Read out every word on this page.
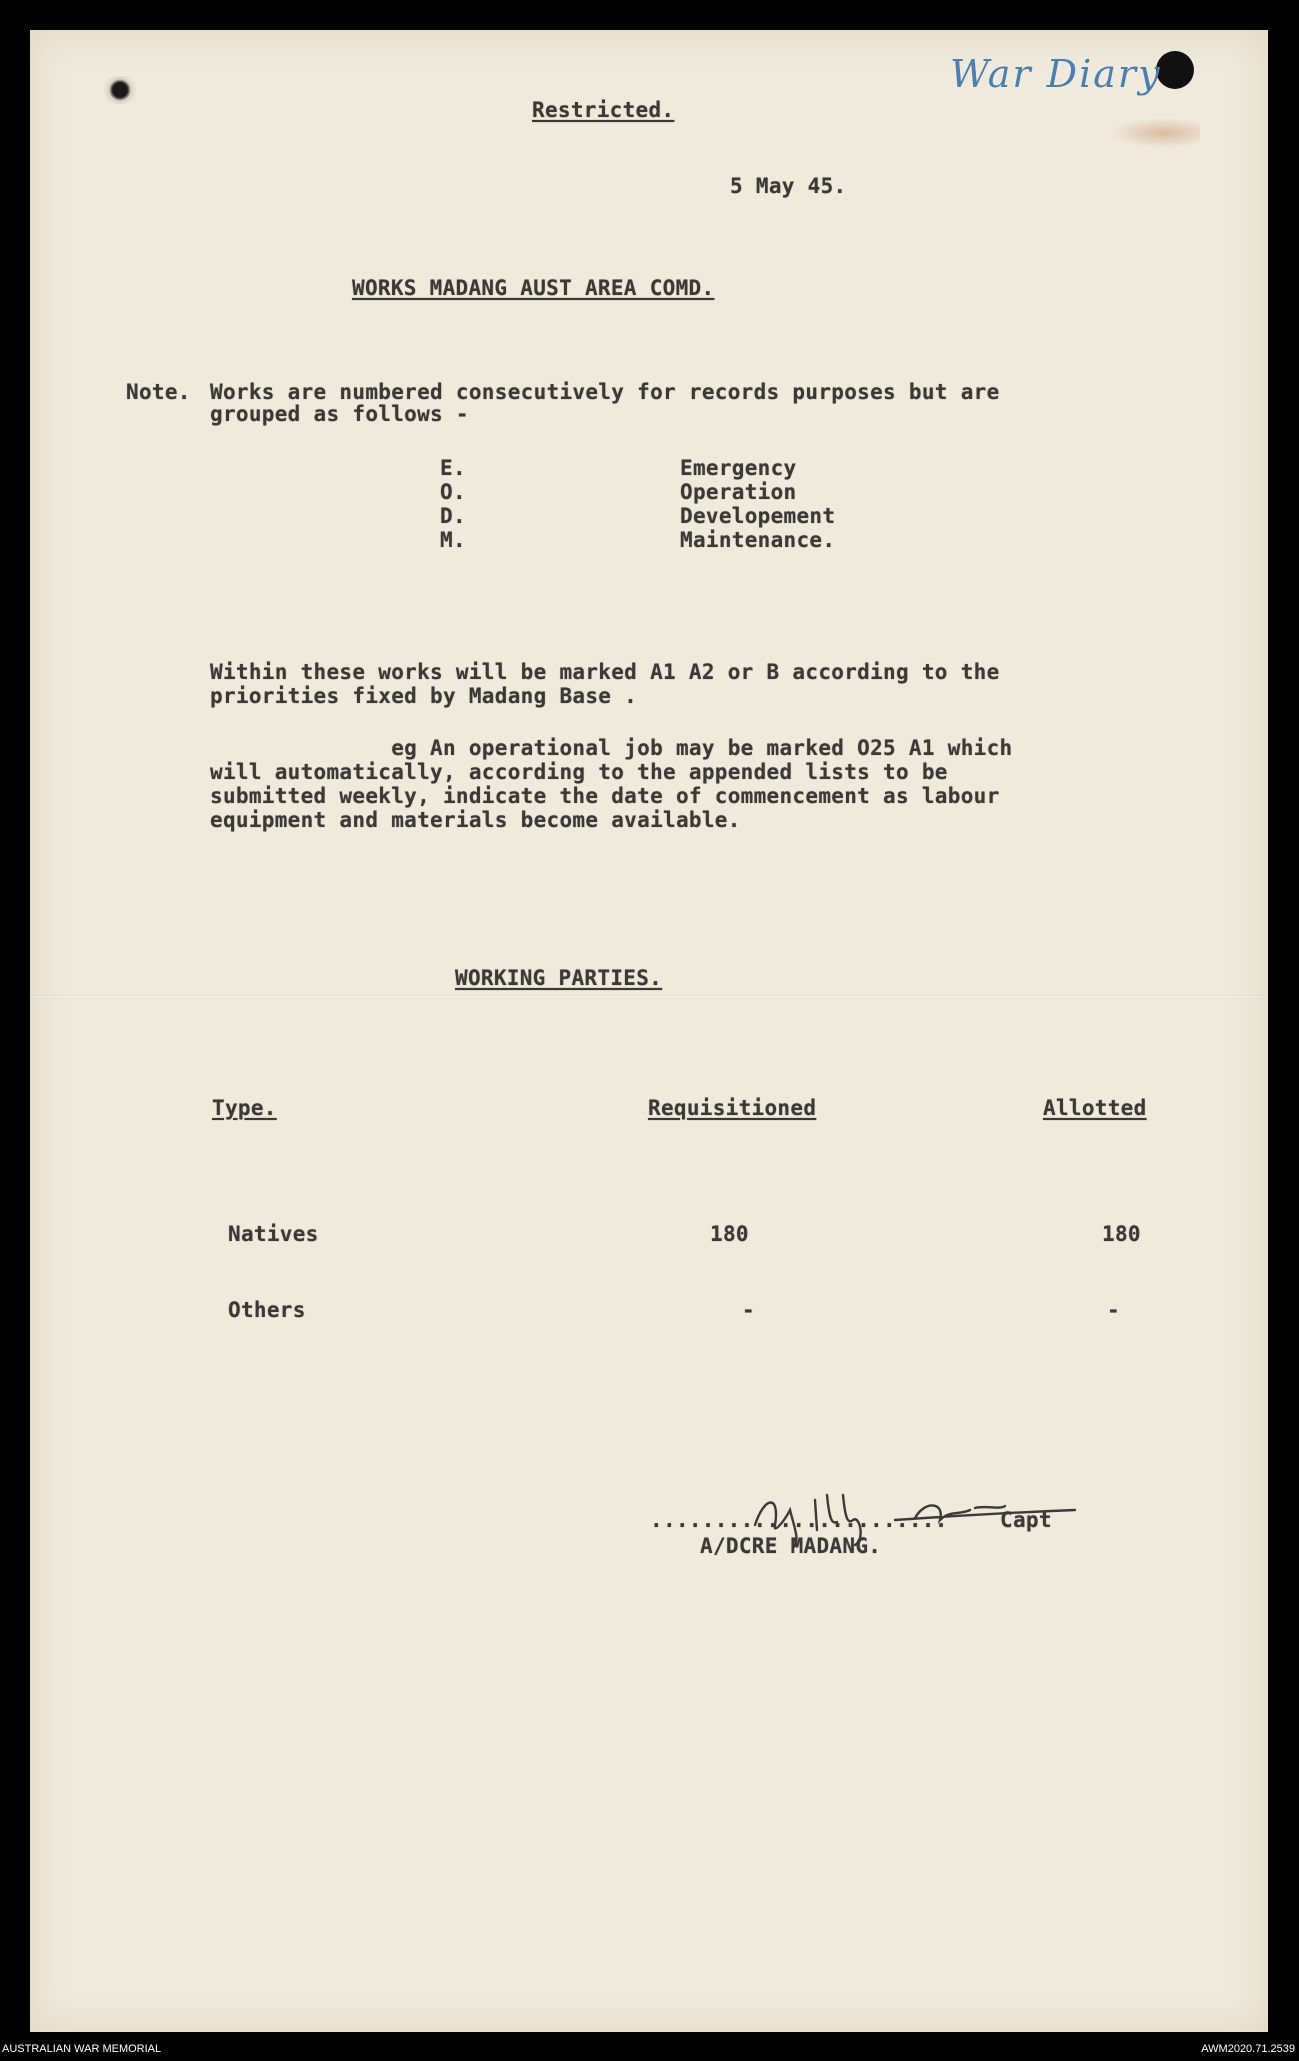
War Diary
Restricted.
5 May 45.
WORKS MADANG AUST AREA COMD.
Note. Works are numbered consecutively for records purposes but are
grouped as follows -
E.	Emergency
O.	Operation
D.	Developement
M.	Maintenance.
Within these works will be marked A1 A2 or B according to the
priorities fixed by Madang Base .
eg An operational job may be marked O25 A1 which
will automatically, according to the appended lists to be
submitted weekly, indicate the date of commencement as labour
equipment and materials become available.
WORKING PARTIES.
Type.	Requisitioned	Allotted
Natives	180	180
Others	-	-
....................... Capt
A/DCRE MADANG.
AUSTRALIAN WAR MEMORIAL	AWM2020.71.2539
